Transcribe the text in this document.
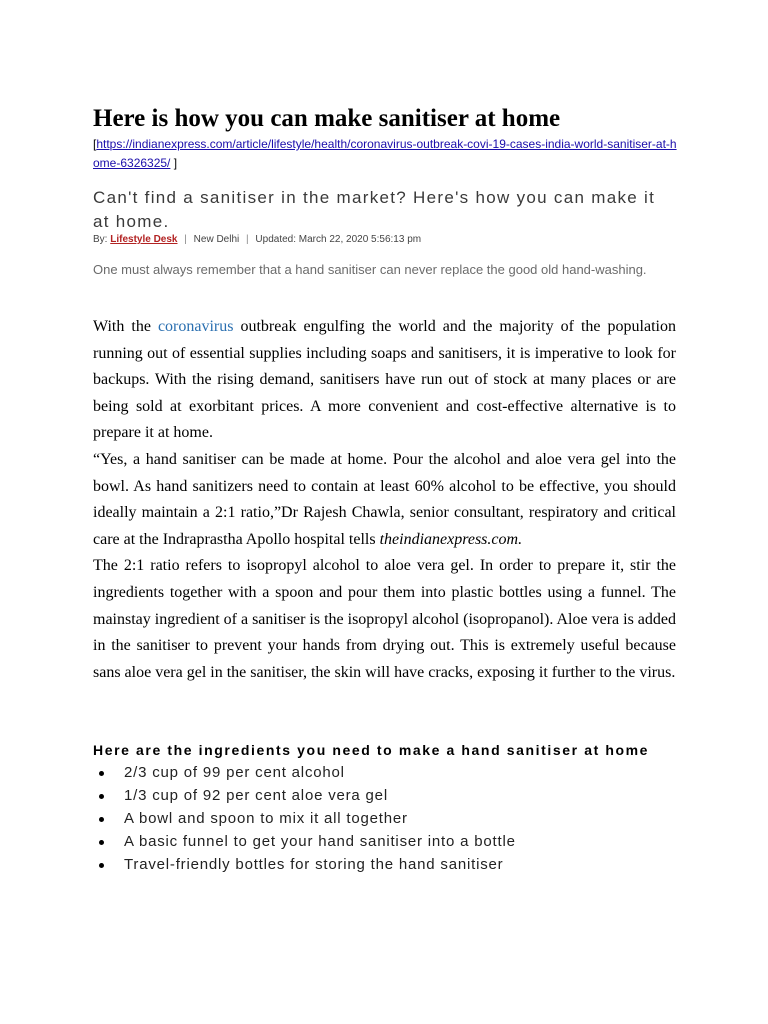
Here is how you can make sanitiser at home
[https://indianexpress.com/article/lifestyle/health/coronavirus-outbreak-covi-19-cases-india-world-sanitiser-at-home-6326325/ ]
Can't find a sanitiser in the market? Here's how you can make it at home.
By: Lifestyle Desk | New Delhi | Updated: March 22, 2020 5:56:13 pm
One must always remember that a hand sanitiser can never replace the good old hand-washing.

With the coronavirus outbreak engulfing the world and the majority of the population running out of essential supplies including soaps and sanitisers, it is imperative to look for backups. With the rising demand, sanitisers have run out of stock at many places or are being sold at exorbitant prices. A more convenient and cost-effective alternative is to prepare it at home.

“Yes, a hand sanitiser can be made at home. Pour the alcohol and aloe vera gel into the bowl. As hand sanitizers need to contain at least 60% alcohol to be effective, you should ideally maintain a 2:1 ratio,”Dr Rajesh Chawla, senior consultant, respiratory and critical care at the Indraprastha Apollo hospital tells theindianexpress.com.

The 2:1 ratio refers to isopropyl alcohol to aloe vera gel. In order to prepare it, stir the ingredients together with a spoon and pour them into plastic bottles using a funnel. The mainstay ingredient of a sanitiser is the isopropyl alcohol (isopropanol). Aloe vera is added in the sanitiser to prevent your hands from drying out. This is extremely useful because sans aloe vera gel in the sanitiser, the skin will have cracks, exposing it further to the virus.

Here are the ingredients you need to make a hand sanitiser at home
2/3 cup of 99 per cent alcohol
1/3 cup of 92 per cent aloe vera gel
A bowl and spoon to mix it all together
A basic funnel to get your hand sanitiser into a bottle
Travel-friendly bottles for storing the hand sanitiser
